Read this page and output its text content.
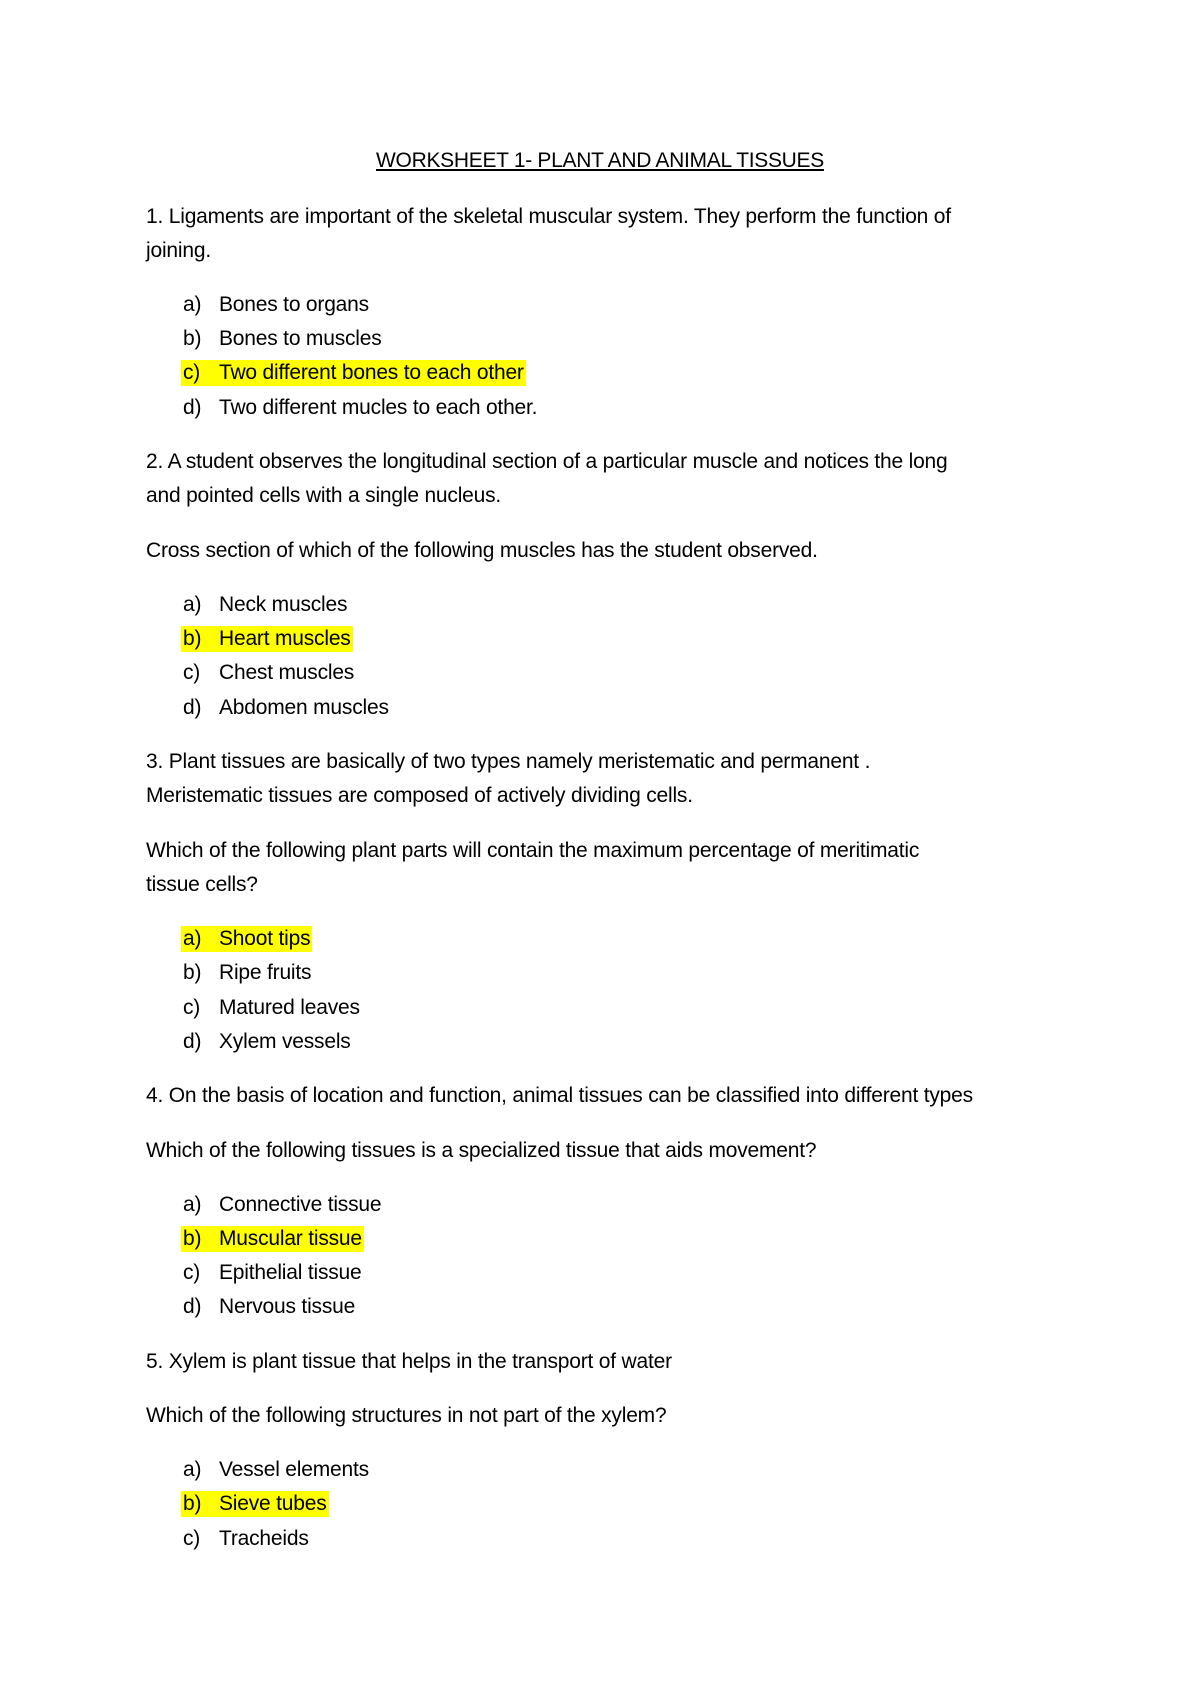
WORKSHEET 1- PLANT AND ANIMAL TISSUES
1. Ligaments are important of the skeletal muscular system. They perform the function of
joining.
a) Bones to organs
b) Bones to muscles
c) Two different bones to each other
d) Two different mucles to each other.
2. A student observes the longitudinal section of a particular muscle and notices the long
and pointed cells with a single nucleus.
Cross section of which of the following muscles has the student observed.
a) Neck muscles
b) Heart muscles
c) Chest muscles
d) Abdomen muscles
3. Plant tissues are basically of two types namely meristematic and permanent .
Meristematic tissues are composed of actively dividing cells.
Which of the following plant parts will contain the maximum percentage of meritimatic
tissue cells?
a) Shoot tips
b) Ripe fruits
c) Matured leaves
d) Xylem vessels
4. On the basis of location and function, animal tissues can be classified into different types
Which of the following tissues is a specialized tissue that aids movement?
a) Connective tissue
b) Muscular tissue
c) Epithelial tissue
d) Nervous tissue
5. Xylem is plant tissue that helps in the transport of water
Which of the following structures in not part of the xylem?
a) Vessel elements
b) Sieve tubes
c) Tracheids
